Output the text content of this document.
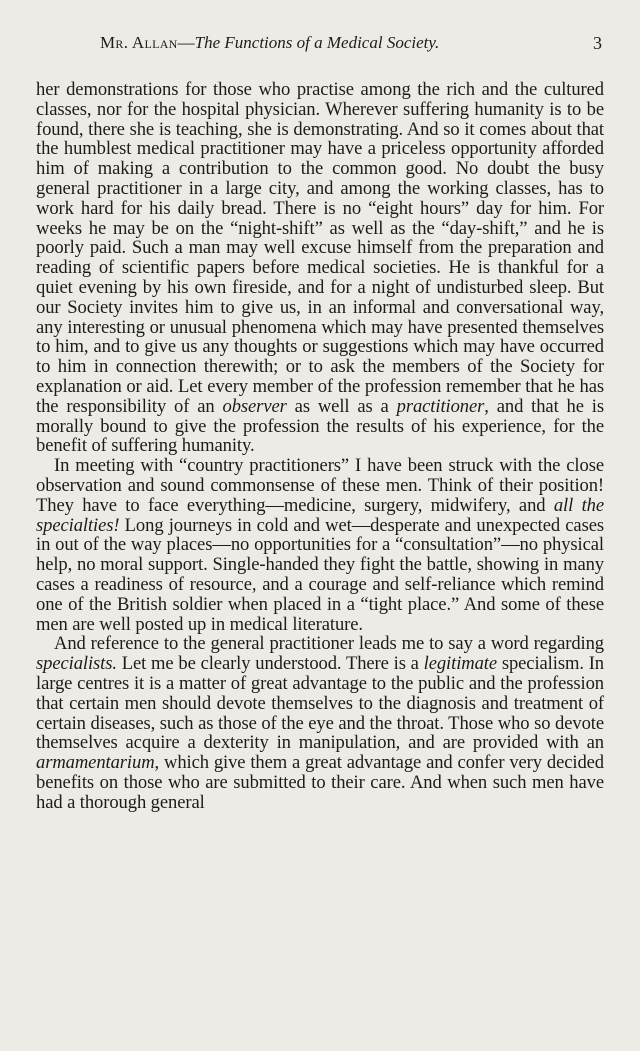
Mr. Allan—The Functions of a Medical Society.	3

her demonstrations for those who practise among the rich and the cultured classes, nor for the hospital physician. Wherever suffering humanity is to be found, there she is teaching, she is demonstrating. And so it comes about that the humblest medical practitioner may have a priceless opportunity afforded him of making a contribution to the common good. No doubt the busy general practitioner in a large city, and among the working classes, has to work hard for his daily bread. There is no “eight hours” day for him. For weeks he may be on the “night-shift” as well as the “day-shift,” and he is poorly paid. Such a man may well excuse himself from the preparation and reading of scientific papers before medical societies. He is thankful for a quiet evening by his own fireside, and for a night of undisturbed sleep. But our Society invites him to give us, in an informal and conversational way, any interesting or unusual phenomena which may have presented themselves to him, and to give us any thoughts or suggestions which may have occurred to him in connection therewith; or to ask the members of the Society for explanation or aid. Let every member of the profession remember that he has the responsibility of an observer as well as a practitioner, and that he is morally bound to give the profession the results of his experience, for the benefit of suffering humanity.

In meeting with “country practitioners” I have been struck with the close observation and sound commonsense of these men. Think of their position! They have to face everything—medicine, surgery, midwifery, and all the specialties! Long journeys in cold and wet—desperate and unexpected cases in out of the way places—no opportunities for a “consultation”—no physical help, no moral support. Single-handed they fight the battle, showing in many cases a readiness of resource, and a courage and self-reliance which remind one of the British soldier when placed in a “tight place.” And some of these men are well posted up in medical literature.

And reference to the general practitioner leads me to say a word regarding specialists. Let me be clearly understood. There is a legitimate specialism. In large centres it is a matter of great advantage to the public and the profession that certain men should devote themselves to the diagnosis and treatment of certain diseases, such as those of the eye and the throat. Those who so devote themselves acquire a dexterity in manipulation, and are provided with an armamentarium, which give them a great advantage and confer very decided benefits on those who are submitted to their care. And when such men have had a thorough general
